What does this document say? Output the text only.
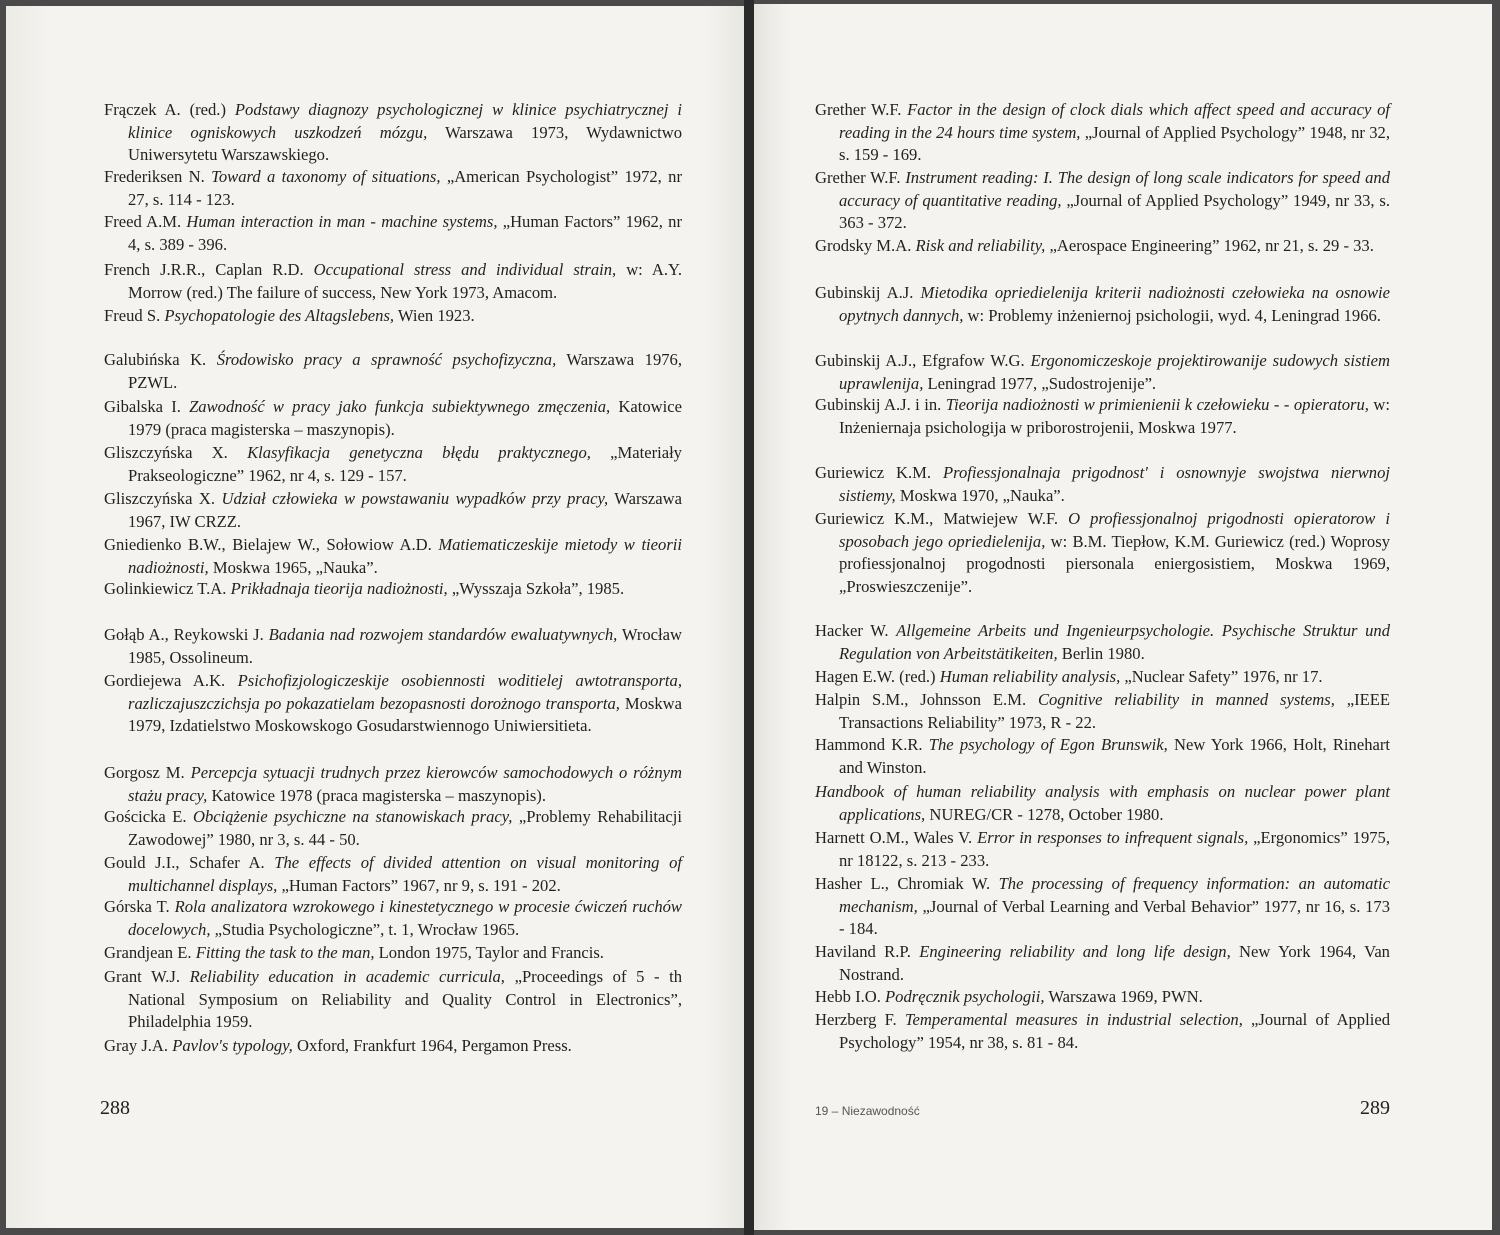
Frączek A. (red.) Podstawy diagnozy psychologicznej w klinice psychiatrycznej i klinice ogniskowych uszkodzeń mózgu, Warszawa 1973, Wydawnictwo Uniwersytetu Warszawskiego.
Frederiksen N. Toward a taxonomy of situations, „American Psychologist” 1972, nr 27, s. 114 - 123.
Freed A.M. Human interaction in man - machine systems, „Human Factors” 1962, nr 4, s. 389 - 396.
French J.R.R., Caplan R.D. Occupational stress and individual strain, w: A.Y. Morrow (red.) The failure of success, New York 1973, Amacom.
Freud S. Psychopatologie des Altagslebens, Wien 1923.
Galubińska K. Środowisko pracy a sprawność psychofizyczna, Warszawa 1976, PZWL.
Gibalska I. Zawodność w pracy jako funkcja subiektywnego zmęczenia, Katowice 1979 (praca magisterska – maszynopis).
Gliszczyńska X. Klasyfikacja genetyczna błędu praktycznego, „Materiały Prakseologiczne” 1962, nr 4, s. 129 - 157.
Gliszczyńska X. Udział człowieka w powstawaniu wypadków przy pracy, Warszawa 1967, IW CRZZ.
Gniedienko B.W., Bielajew W., Sołowiow A.D. Matiematiczeskije mietody w tieorii nadiożnosti, Moskwa 1965, „Nauka”.
Golinkiewicz T.A. Prikładnaja tieorija nadiożnosti, „Wysszaja Szkoła”, 1985.
Gołąb A., Reykowski J. Badania nad rozwojem standardów ewaluatywnych, Wrocław 1985, Ossolineum.
Gordiejewa A.K. Psichofizjologiczeskije osobiennosti woditielej awtotransporta, razliczajuszczichsja po pokazatielam bezopasnosti dorożnogo transporta, Moskwa 1979, Izdatielstwo Moskowskogo Gosudarstwiennogo Uniwiersitieta.
Gorgosz M. Percepcja sytuacji trudnych przez kierowców samochodowych o różnym stażu pracy, Katowice 1978 (praca magisterska – maszynopis).
Gościcka E. Obciążenie psychiczne na stanowiskach pracy, „Problemy Rehabilitacji Zawodowej” 1980, nr 3, s. 44 - 50.
Gould J.I., Schafer A. The effects of divided attention on visual monitoring of multichannel displays, „Human Factors” 1967, nr 9, s. 191 - 202.
Górska T. Rola analizatora wzrokowego i kinestetycznego w procesie ćwiczeń ruchów docelowych, „Studia Psychologiczne”, t. 1, Wrocław 1965.
Grandjean E. Fitting the task to the man, London 1975, Taylor and Francis.
Grant W.J. Reliability education in academic curricula, „Proceedings of 5 - th National Symposium on Reliability and Quality Control in Electronics”, Philadelphia 1959.
Gray J.A. Pavlov's typology, Oxford, Frankfurt 1964, Pergamon Press.
288
Grether W.F. Factor in the design of clock dials which affect speed and accuracy of reading in the 24 hours time system, „Journal of Applied Psychology” 1948, nr 32, s. 159 - 169.
Grether W.F. Instrument reading: I. The design of long scale indicators for speed and accuracy of quantitative reading, „Journal of Applied Psychology” 1949, nr 33, s. 363 - 372.
Grodsky M.A. Risk and reliability, „Aerospace Engineering” 1962, nr 21, s. 29 - 33.
Gubinskij A.J. Mietodika opriedielenija kriterii nadiożnosti czełowieka na osnowie opytnych dannych, w: Problemy inżeniernoj psichologii, wyd. 4, Leningrad 1966.
Gubinskij A.J., Efgrafow W.G. Ergonomiczeskoje projektirowanije sudowych sistiem uprawlenija, Leningrad 1977, „Sudostrojenije”.
Gubinskij A.J. i in. Tieorija nadiożnosti w primienienii k czełowieku - - opieratoru, w: Inżeniernaja psichologija w priborostrojenii, Moskwa 1977.
Guriewicz K.M. Profiessjonalnaja prigodnost' i osnownyje swojstwa nierwnoj sistiemy, Moskwa 1970, „Nauka”.
Guriewicz K.M., Matwiejew W.F. O profiessjonalnoj prigodnosti opieratorow i sposobach jego opriedielenija, w: B.M. Tiepłow, K.M. Guriewicz (red.) Woprosy profiessjonalnoj progodnosti piersonala eniergosistiem, Moskwa 1969, „Proswieszczenije”.
Hacker W. Allgemeine Arbeits und Ingenieurpsychologie. Psychische Struktur und Regulation von Arbeitstätikeiten, Berlin 1980.
Hagen E.W. (red.) Human reliability analysis, „Nuclear Safety” 1976, nr 17.
Halpin S.M., Johnsson E.M. Cognitive reliability in manned systems, „IEEE Transactions Reliability” 1973, R - 22.
Hammond K.R. The psychology of Egon Brunswik, New York 1966, Holt, Rinehart and Winston.
Handbook of human reliability analysis with emphasis on nuclear power plant applications, NUREG/CR - 1278, October 1980.
Harnett O.M., Wales V. Error in responses to infrequent signals, „Ergonomics” 1975, nr 18122, s. 213 - 233.
Hasher L., Chromiak W. The processing of frequency information: an automatic mechanism, „Journal of Verbal Learning and Verbal Behavior” 1977, nr 16, s. 173 - 184.
Haviland R.P. Engineering reliability and long life design, New York 1964, Van Nostrand.
Hebb I.O. Podręcznik psychologii, Warszawa 1969, PWN.
Herzberg F. Temperamental measures in industrial selection, „Journal of Applied Psychology” 1954, nr 38, s. 81 - 84.
19 – Niezawodność	289
